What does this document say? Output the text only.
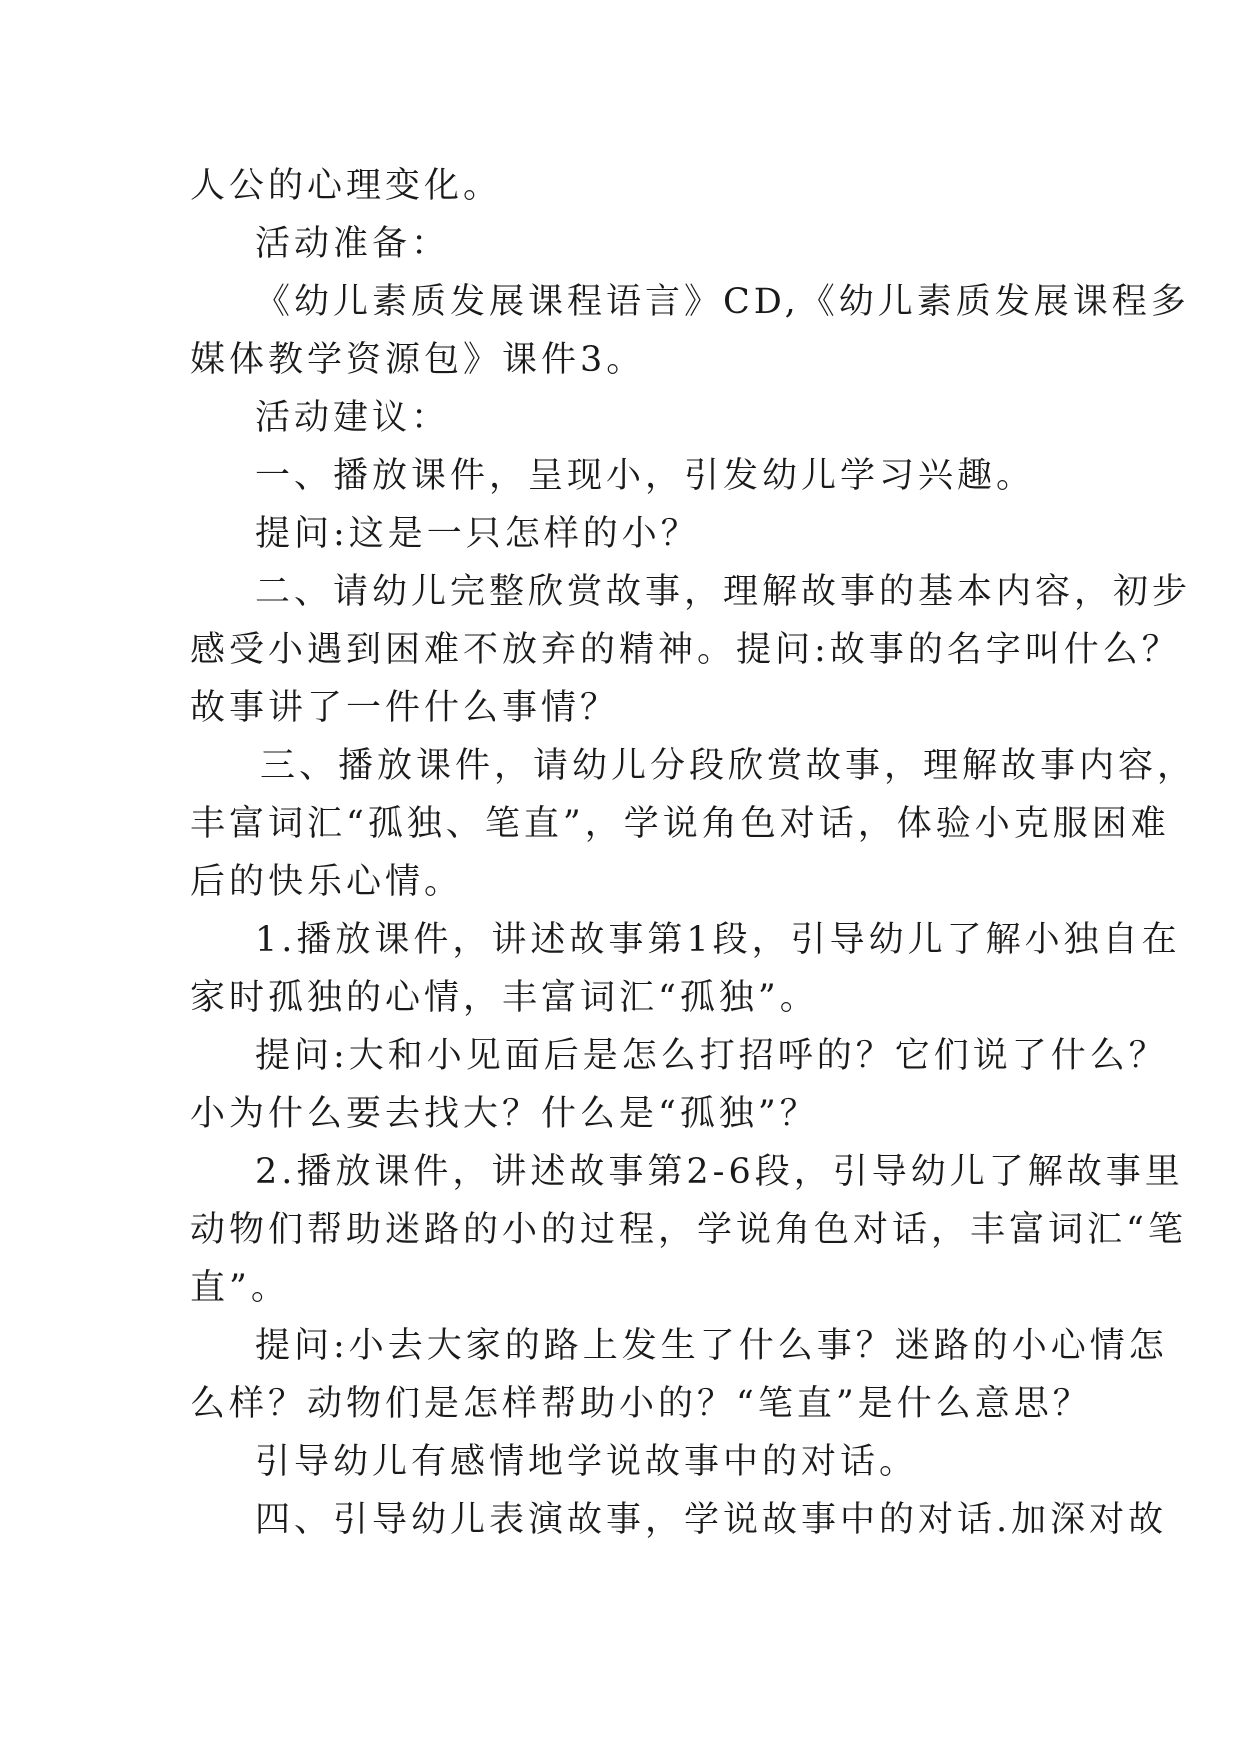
人公的心理变化。
活动准备：
《幼儿素质发展课程语言》CD,《幼儿素质发展课程多
媒体教学资源包》课件3。
活动建议：
一、播放课件，呈现小，引发幼儿学习兴趣。
提问:这是一只怎样的小？
二、请幼儿完整欣赏故事，理解故事的基本内容，初步
感受小遇到困难不放弃的精神。提问:故事的名字叫什么？
故事讲了一件什么事情？
三、播放课件，请幼儿分段欣赏故事，理解故事内容，
丰富词汇“孤独、笔直”，学说角色对话，体验小克服困难
后的快乐心情。
1.播放课件，讲述故事第1段，引导幼儿了解小独自在
家时孤独的心情，丰富词汇“孤独”。
提问:大和小见面后是怎么打招呼的？它们说了什么？
小为什么要去找大？什么是“孤独”？
2.播放课件，讲述故事第2-6段，引导幼儿了解故事里
动物们帮助迷路的小的过程，学说角色对话，丰富词汇“笔
直”。
提问:小去大家的路上发生了什么事？迷路的小心情怎
么样？动物们是怎样帮助小的？“笔直”是什么意思？
引导幼儿有感情地学说故事中的对话。
四、引导幼儿表演故事，学说故事中的对话.加深对故
